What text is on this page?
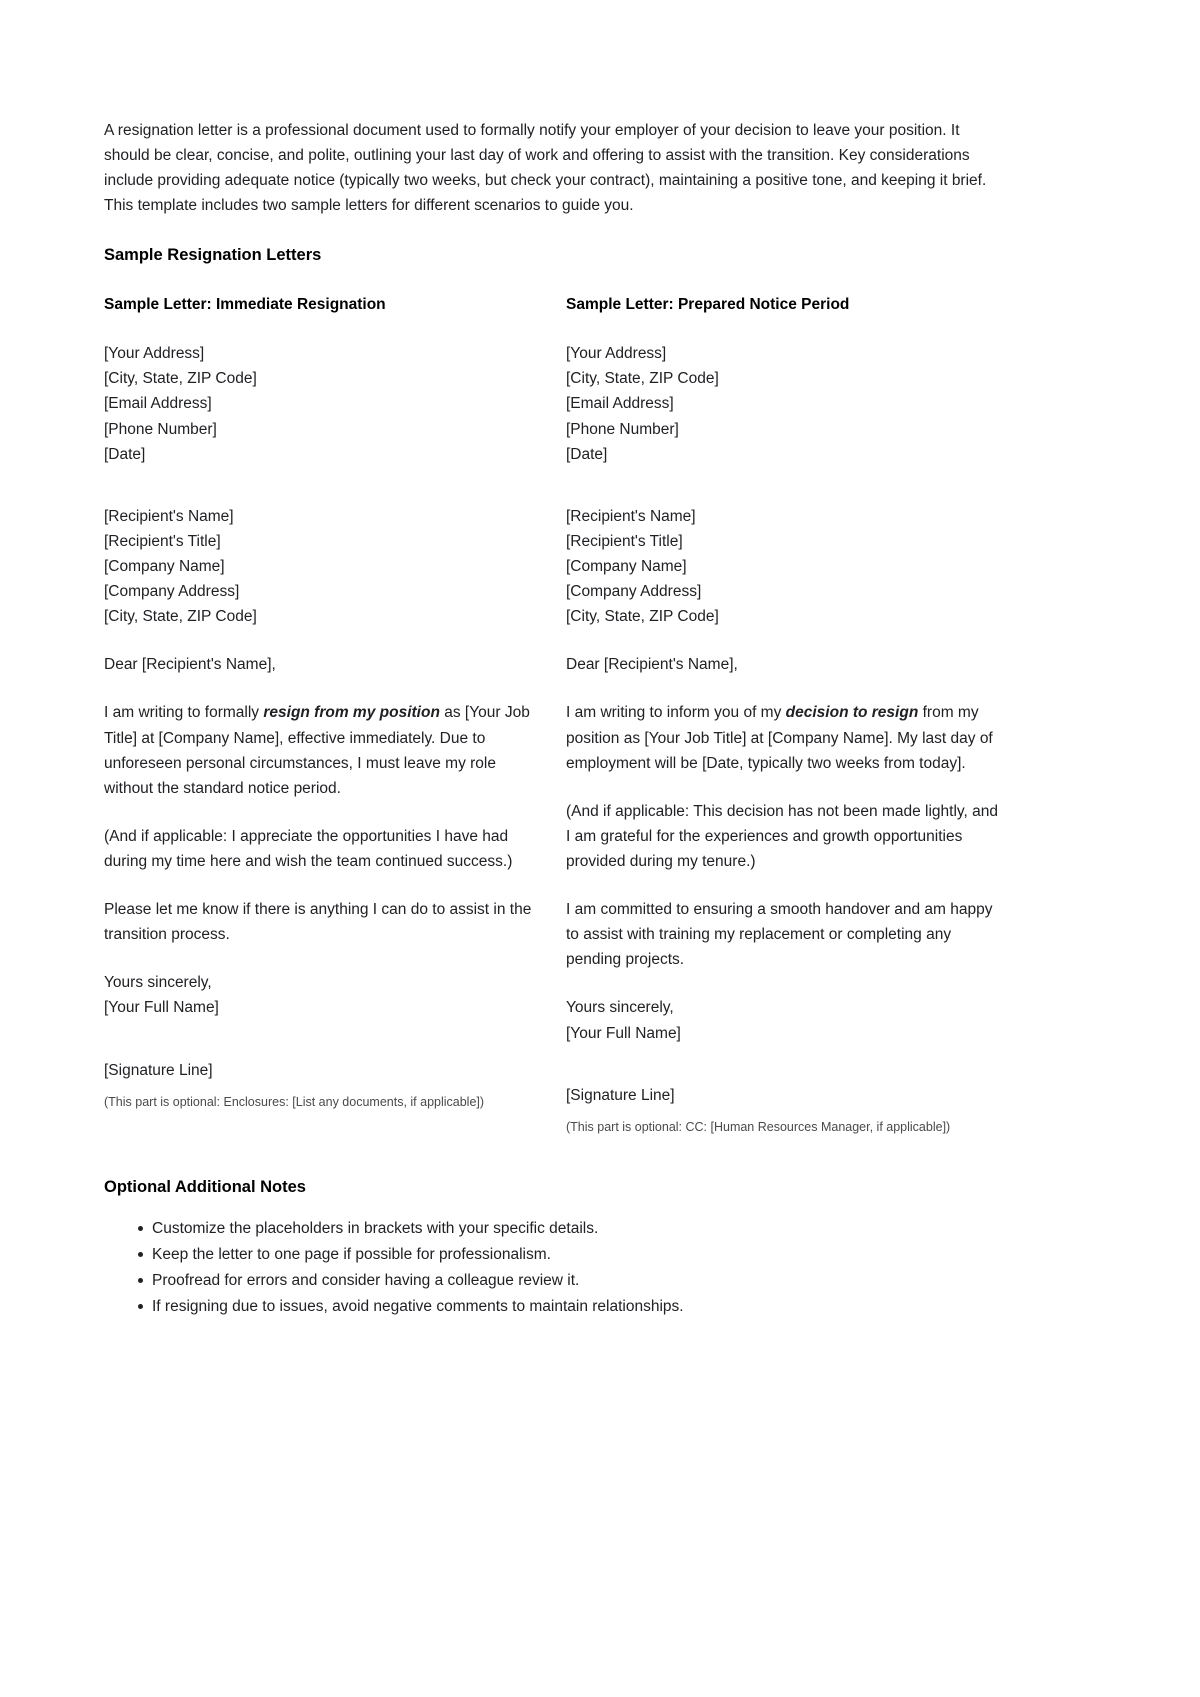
A resignation letter is a professional document used to formally notify your employer of your decision to leave your position. It should be clear, concise, and polite, outlining your last day of work and offering to assist with the transition. Key considerations include providing adequate notice (typically two weeks, but check your contract), maintaining a positive tone, and keeping it brief. This template includes two sample letters for different scenarios to guide you.

Sample Resignation Letters
Sample Letter: Immediate Resignation
[Your Address]
[City, State, ZIP Code]
[Email Address]
[Phone Number]
[Date]
[Recipient's Name]
[Recipient's Title]
[Company Name]
[Company Address]
[City, State, ZIP Code]
Dear [Recipient's Name],

I am writing to formally resign from my position as [Your Job Title] at [Company Name], effective immediately. Due to unforeseen personal circumstances, I must leave my role without the standard notice period.

(And if applicable: I appreciate the opportunities I have had during my time here and wish the team continued success.)

Please let me know if there is anything I can do to assist in the transition process.

Yours sincerely,
[Your Full Name]
[Signature Line]
(This part is optional: Enclosures: [List any documents, if applicable])
Sample Letter: Prepared Notice Period
[Your Address]
[City, State, ZIP Code]
[Email Address]
[Phone Number]
[Date]
[Recipient's Name]
[Recipient's Title]
[Company Name]
[Company Address]
[City, State, ZIP Code]
Dear [Recipient's Name],

I am writing to inform you of my decision to resign from my position as [Your Job Title] at [Company Name]. My last day of employment will be [Date, typically two weeks from today].

(And if applicable: This decision has not been made lightly, and I am grateful for the experiences and growth opportunities provided during my tenure.)

I am committed to ensuring a smooth handover and am happy to assist with training my replacement or completing any pending projects.

Yours sincerely,
[Your Full Name]
[Signature Line]
(This part is optional: CC: [Human Resources Manager, if applicable])
Optional Additional Notes
Customize the placeholders in brackets with your specific details.
Keep the letter to one page if possible for professionalism.
Proofread for errors and consider having a colleague review it.
If resigning due to issues, avoid negative comments to maintain relationships.
